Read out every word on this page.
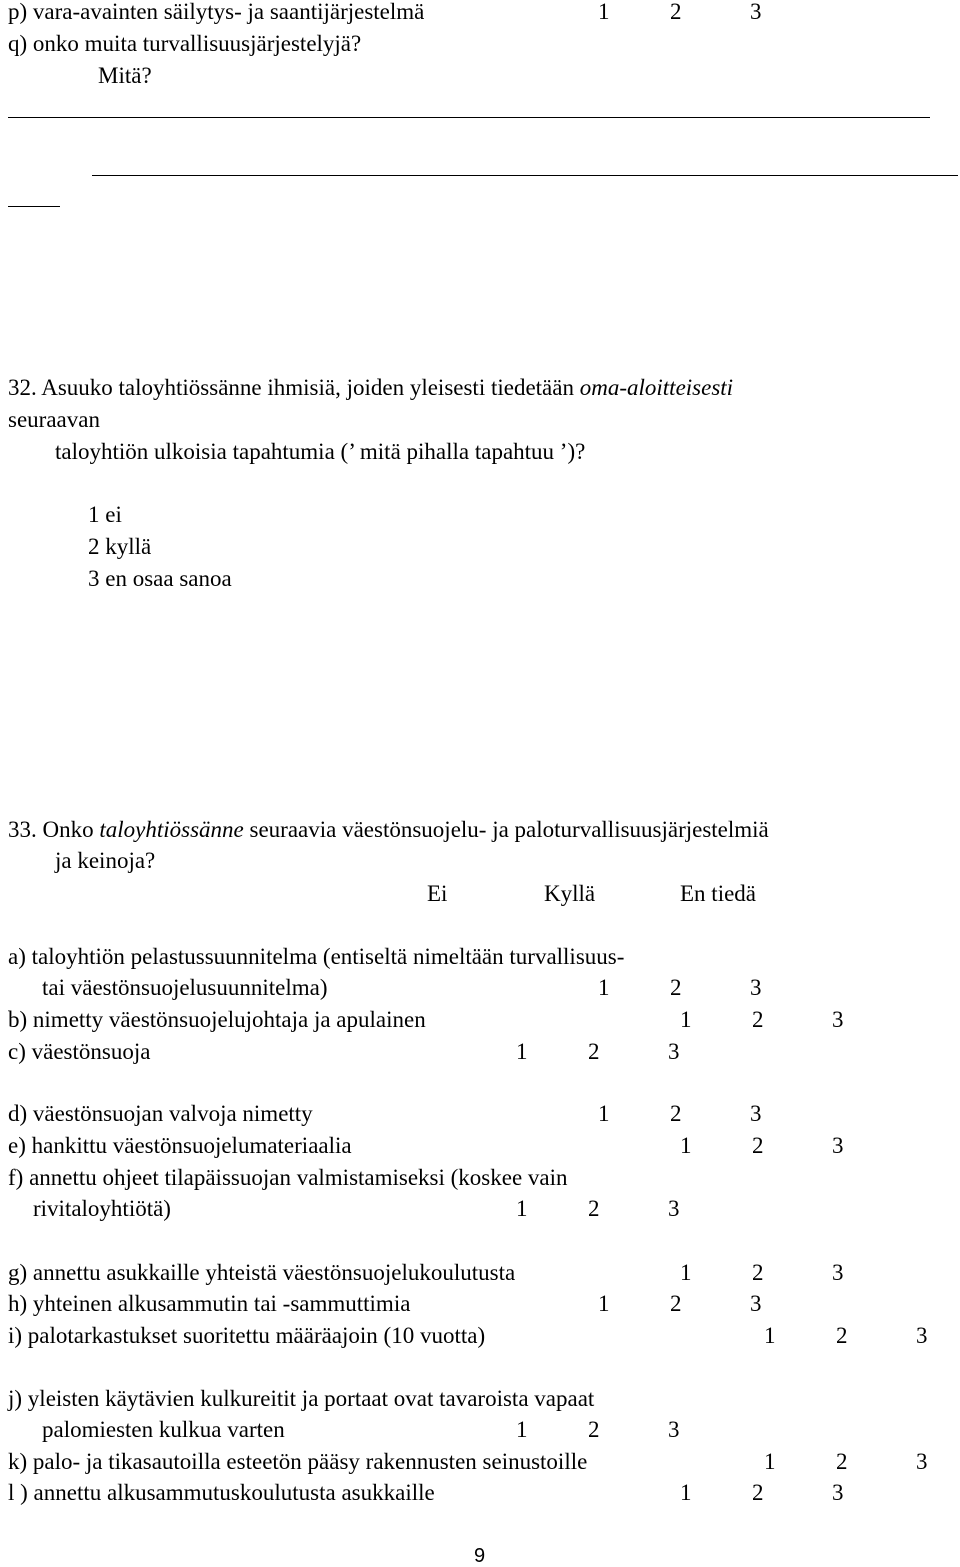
p) vara-avainten säilytys- ja saantijärjestelmä	1	2	3
q) onko muita turvallisuusjärjestelyjä?
Mitä?
32. Asuuko taloyhtiössänne ihmisiä, joiden yleisesti tiedetään oma-aloitteisesti
seuraavan
taloyhtiön ulkoisia tapahtumia (’ mitä pihalla tapahtuu ’)?
1 ei
2 kyllä
3 en osaa sanoa
33. Onko taloyhtiössänne seuraavia väestönsuojelu- ja paloturvallisuusjärjestelmiä
ja keinoja?
Ei	Kyllä	En tiedä
a) taloyhtiön pelastussuunnitelma (entiseltä nimeltään turvallisuus-
tai väestönsuojelusuunnitelma)	1	2	3
b) nimetty väestönsuojelujohtaja ja apulainen	1	2	3
c) väestönsuoja	1	2	3
d) väestönsuojan valvoja nimetty	1	2	3
e) hankittu väestönsuojelumateriaalia	1	2	3
f) annettu ohjeet tilapäissuojan valmistamiseksi (koskee vain
rivitaloyhtiötä)	1	2	3
g) annettu asukkaille yhteistä väestönsuojelukoulutusta	1	2	3
h) yhteinen alkusammutin tai -sammuttimia	1	2	3
i) palotarkastukset suoritettu määräajoin (10 vuotta)	1	2	3
j) yleisten käytävien kulkureitit ja portaat ovat tavaroista vapaat
palomiesten kulkua varten	1	2	3
k) palo- ja tikasautoilla esteetön pääsy rakennusten seinustoille	1	2	3
l ) annettu alkusammutuskoulutusta asukkaille	1	2	3
9
